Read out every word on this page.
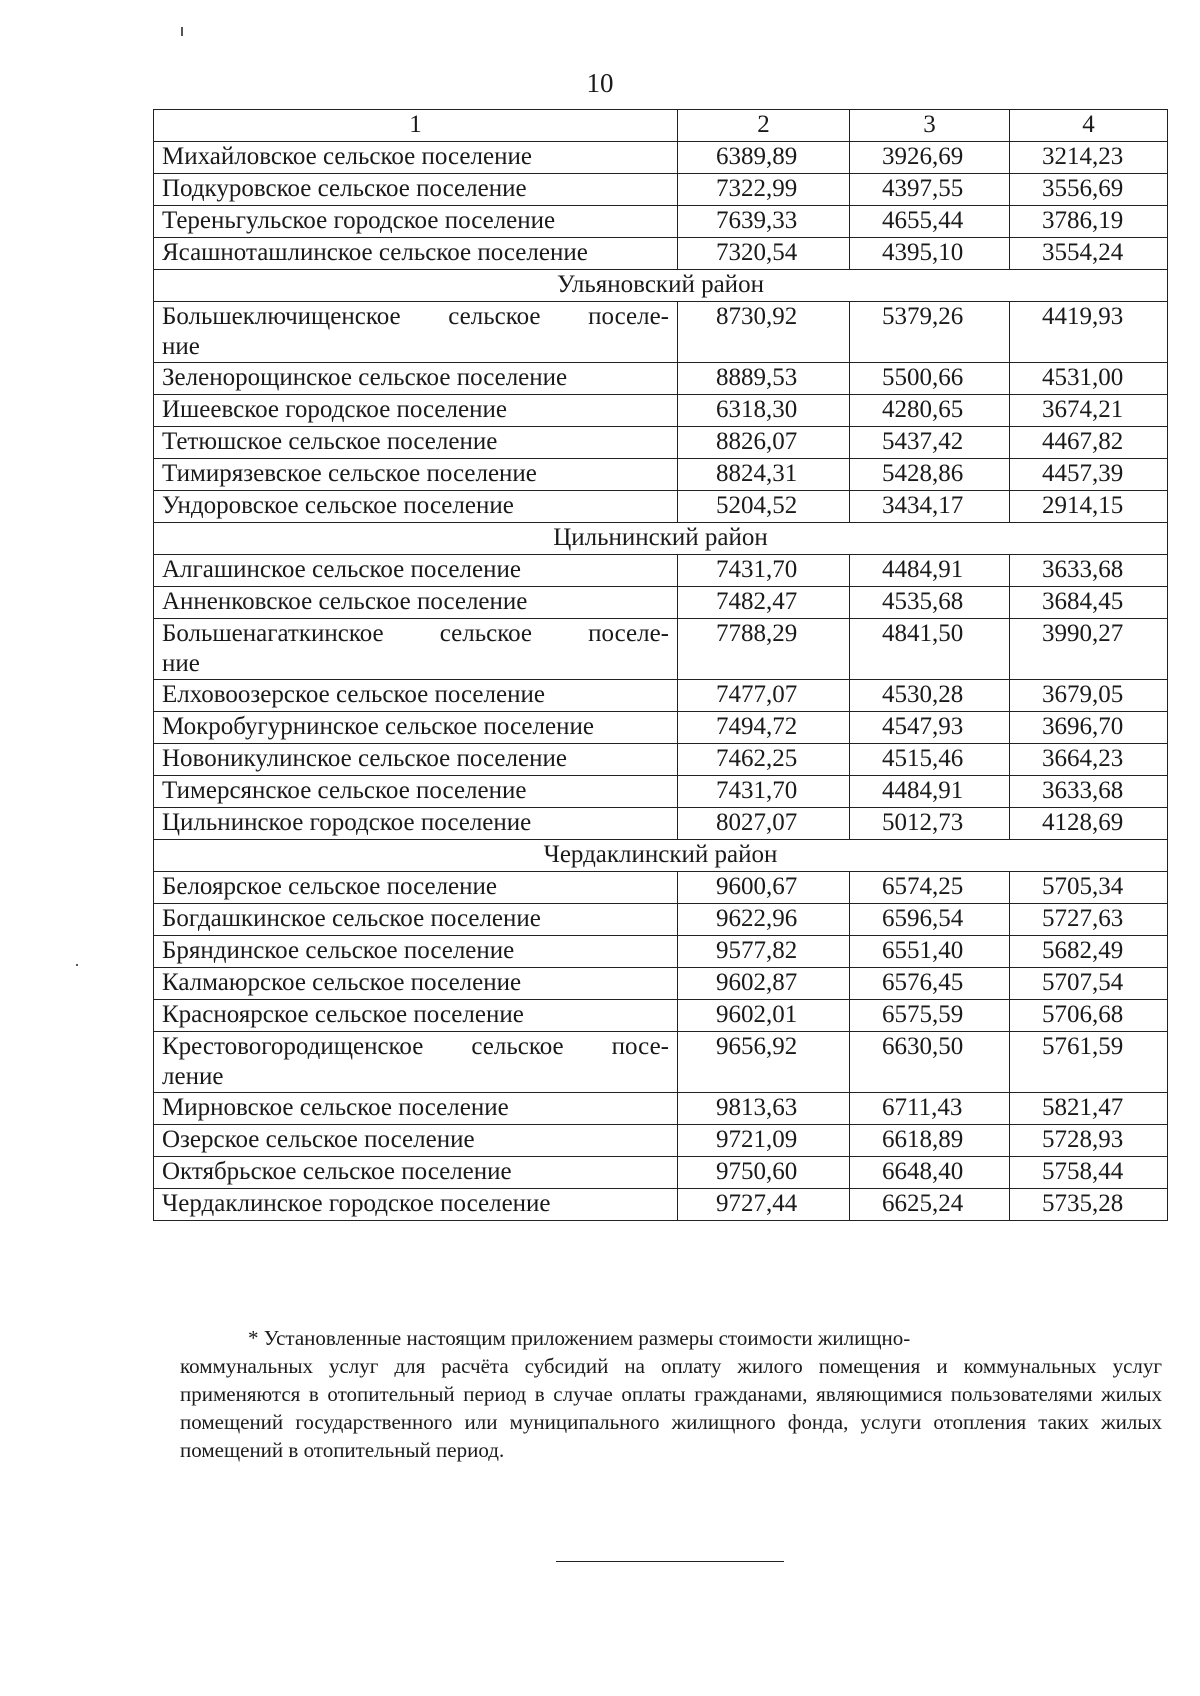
10
1	2	3	4
Михайловское сельское поселение	6389,89	3926,69	3214,23
Подкуровское сельское поселение	7322,99	4397,55	3556,69
Тереньгульское городское поселение	7639,33	4655,44	3786,19
Ясашноташлинское сельское поселение	7320,54	4395,10	3554,24
Ульяновский район			

Большеключищенское сельское поселе-
ние	8730,92	5379,26	4419,93
Зеленорощинское сельское поселение	8889,53	5500,66	4531,00
Ишеевское городское поселение	6318,30	4280,65	3674,21
Тетюшское сельское поселение	8826,07	5437,42	4467,82
Тимирязевское сельское поселение	8824,31	5428,86	4457,39
Ундоровское сельское поселение	5204,52	3434,17	2914,15
Цильнинский район			
Алгашинское сельское поселение	7431,70	4484,91	3633,68
Анненковское сельское поселение	7482,47	4535,68	3684,45

Большенагаткинское сельское поселе-
ние	7788,29	4841,50	3990,27
Елховоозерское сельское поселение	7477,07	4530,28	3679,05
Мокробугурнинское сельское поселение	7494,72	4547,93	3696,70
Новоникулинское сельское поселение	7462,25	4515,46	3664,23
Тимерсянское сельское поселение	7431,70	4484,91	3633,68
Цильнинское городское поселение	8027,07	5012,73	4128,69
Чердаклинский район			
Белоярское сельское поселение	9600,67	6574,25	5705,34
Богдашкинское сельское поселение	9622,96	6596,54	5727,63
Бряндинское сельское поселение	9577,82	6551,40	5682,49
Калмаюрское сельское поселение	9602,87	6576,45	5707,54
Красноярское сельское поселение	9602,01	6575,59	5706,68

Крестовогородищенское сельское посе-
ление	9656,92	6630,50	5761,59
Мирновское сельское поселение	9813,63	6711,43	5821,47
Озерское сельское поселение	9721,09	6618,89	5728,93
Октябрьское сельское поселение	9750,60	6648,40	5758,44
Чердаклинское городское поселение	9727,44	6625,24	5735,28
* Установленные настоящим приложением размеры стоимости жилищно-
коммунальных услуг для расчёта субсидий на оплату жилого помещения и коммунальных услуг применяются в отопительный период в случае оплаты гражданами, являющимися пользователями жилых помещений государственного или муниципального жилищного фонда, услуги отопления таких жилых помещений в отопительный период.
